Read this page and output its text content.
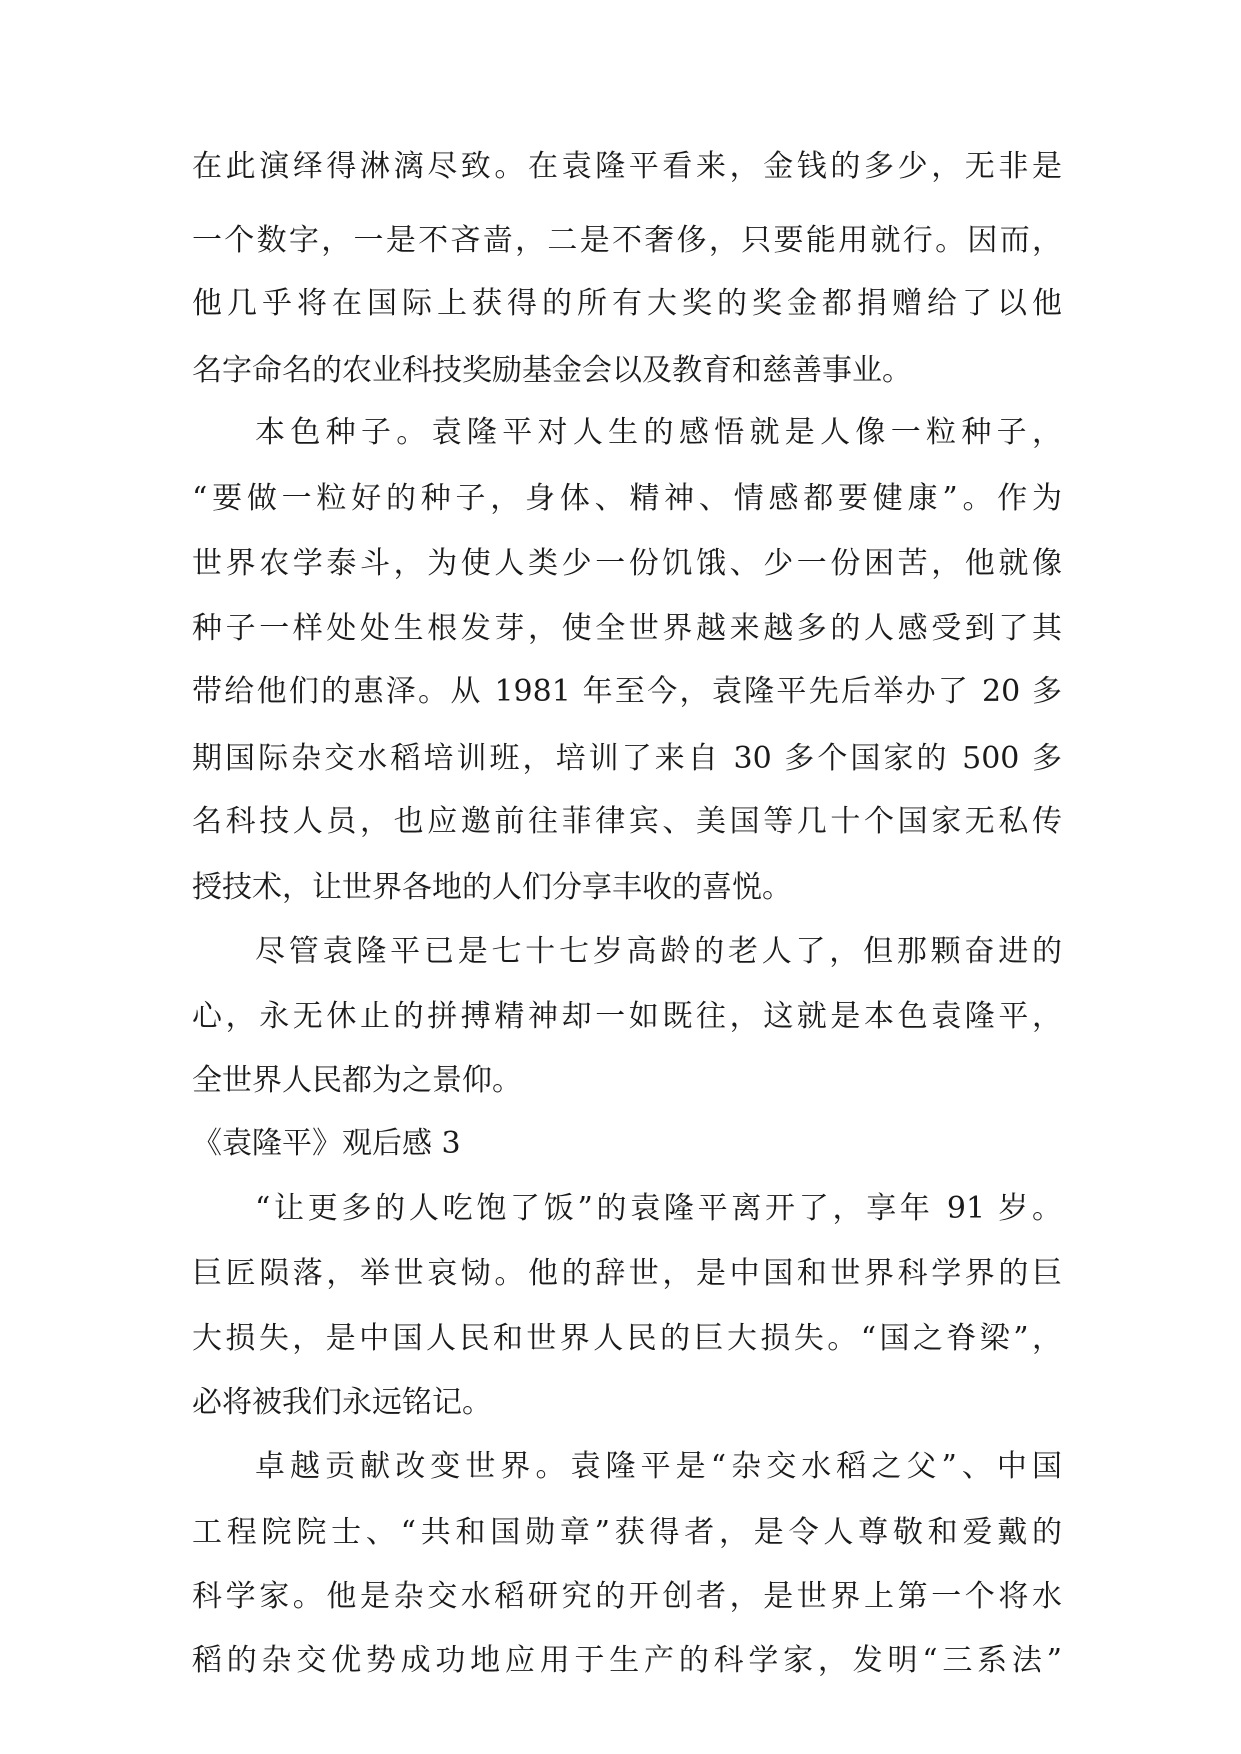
在此演绎得淋漓尽致。在袁隆平看来，金钱的多少，无非是
一个数字，一是不吝啬，二是不奢侈，只要能用就行。因而，
他几乎将在国际上获得的所有大奖的奖金都捐赠给了以他
名字命名的农业科技奖励基金会以及教育和慈善事业。
本色种子。袁隆平对人生的感悟就是人像一粒种子，
“要做一粒好的种子，身体、精神、情感都要健康”。作为
世界农学泰斗，为使人类少一份饥饿、少一份困苦，他就像
种子一样处处生根发芽，使全世界越来越多的人感受到了其
带给他们的惠泽。从 1981 年至今，袁隆平先后举办了 20 多
期国际杂交水稻培训班，培训了来自 30 多个国家的 500 多
名科技人员，也应邀前往菲律宾、美国等几十个国家无私传
授技术，让世界各地的人们分享丰收的喜悦。
尽管袁隆平已是七十七岁高龄的老人了，但那颗奋进的
心，永无休止的拼搏精神却一如既往，这就是本色袁隆平，
全世界人民都为之景仰。
《袁隆平》观后感 3
“让更多的人吃饱了饭”的袁隆平离开了，享年 91 岁。
巨匠陨落，举世哀恸。他的辞世，是中国和世界科学界的巨
大损失，是中国人民和世界人民的巨大损失。“国之脊梁”，
必将被我们永远铭记。
卓越贡献改变世界。袁隆平是“杂交水稻之父”、中国
工程院院士、“共和国勋章”获得者，是令人尊敬和爱戴的
科学家。他是杂交水稻研究的开创者，是世界上第一个将水
稻的杂交优势成功地应用于生产的科学家，发明“三系法”
